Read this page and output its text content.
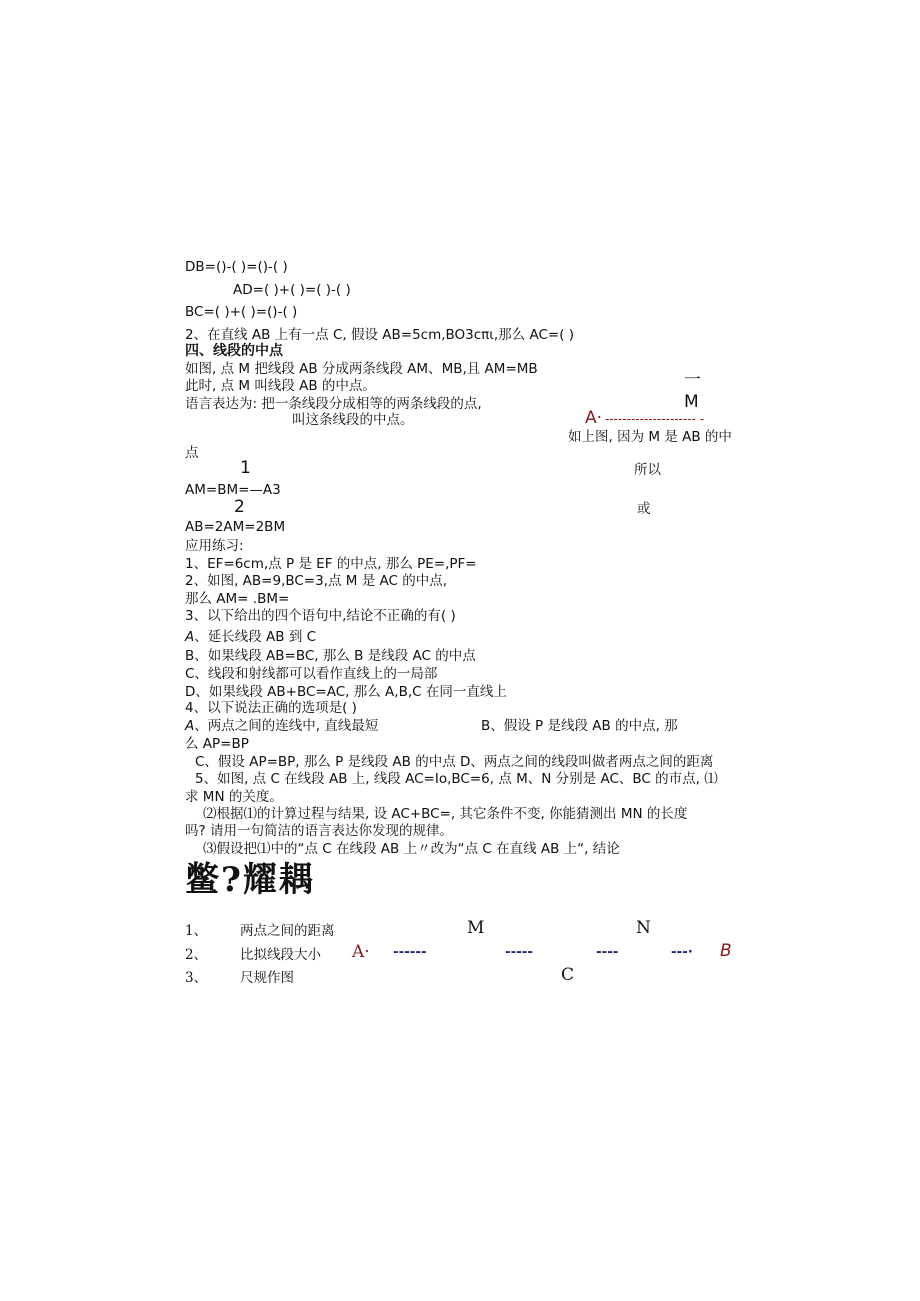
DB=()-( )=()-( )
AD=( )+( )=( )-( )
BC=( )+( )=()-( )
2、在直线 AB 上有一点 C, 假设 AB=5cm,BO3cπι,那么 AC=( )
四、线段的中点
如图, 点 M 把线段 AB 分成两条线段 AM、MB,且 AM=MB
此时, 点 M 叫线段 AB 的中点。
语言表达为: 把一条线段分成相等的两条线段的点,
叫这条线段的中点。
一
M
A· --------------------- -
如上图, 因为 M 是 AB 的中
点
所以
1
AM=BM=—A3
2	或
AB=2AM=2BM
应用练习:
1、EF=6cm,点 P 是 EF 的中点, 那么 PE=,PF=
2、如图, AB=9,BC=3,点 M 是 AC 的中点,
那么 AM= .BM=
3、以下给出的四个语句中,结论不正确的有( )
A、延长线段 AB 到 C
B、如果线段 AB=BC, 那么 B 是线段 AC 的中点
C、线段和射线都可以看作直线上的一局部
D、如果线段 AB+BC=AC, 那么 A,B,C 在同一直线上
4、以下说法正确的选项是( )
A、两点之间的连线中, 直线最短	B、假设 P 是线段 AB 的中点, 那
么 AP=BP
C、假设 AP=BP, 那么 P 是线段 AB 的中点 D、两点之间的线段叫做者两点之间的距离
5、如图, 点 C 在线段 AB 上, 线段 AC=Io,BC=6, 点 M、N 分别是 AC、BC 的市点, ⑴
求 MN 的关度。
⑵根据⑴的计算过程与结果, 设 AC+BC=, 其它条件不变, 你能猜测出 MN 的长度
吗? 请用一句简洁的语言表达你发现的规律。
⑶假设把⑴中的“点 C 在线段 AB 上〃改为“点 C 在直线 AB 上“, 结论
鳖?耀耦
1、 两点之间的距离
2、 比拟线段大小
3、 尺规作图
M	N
A· ------	-----	----	---· B
C
